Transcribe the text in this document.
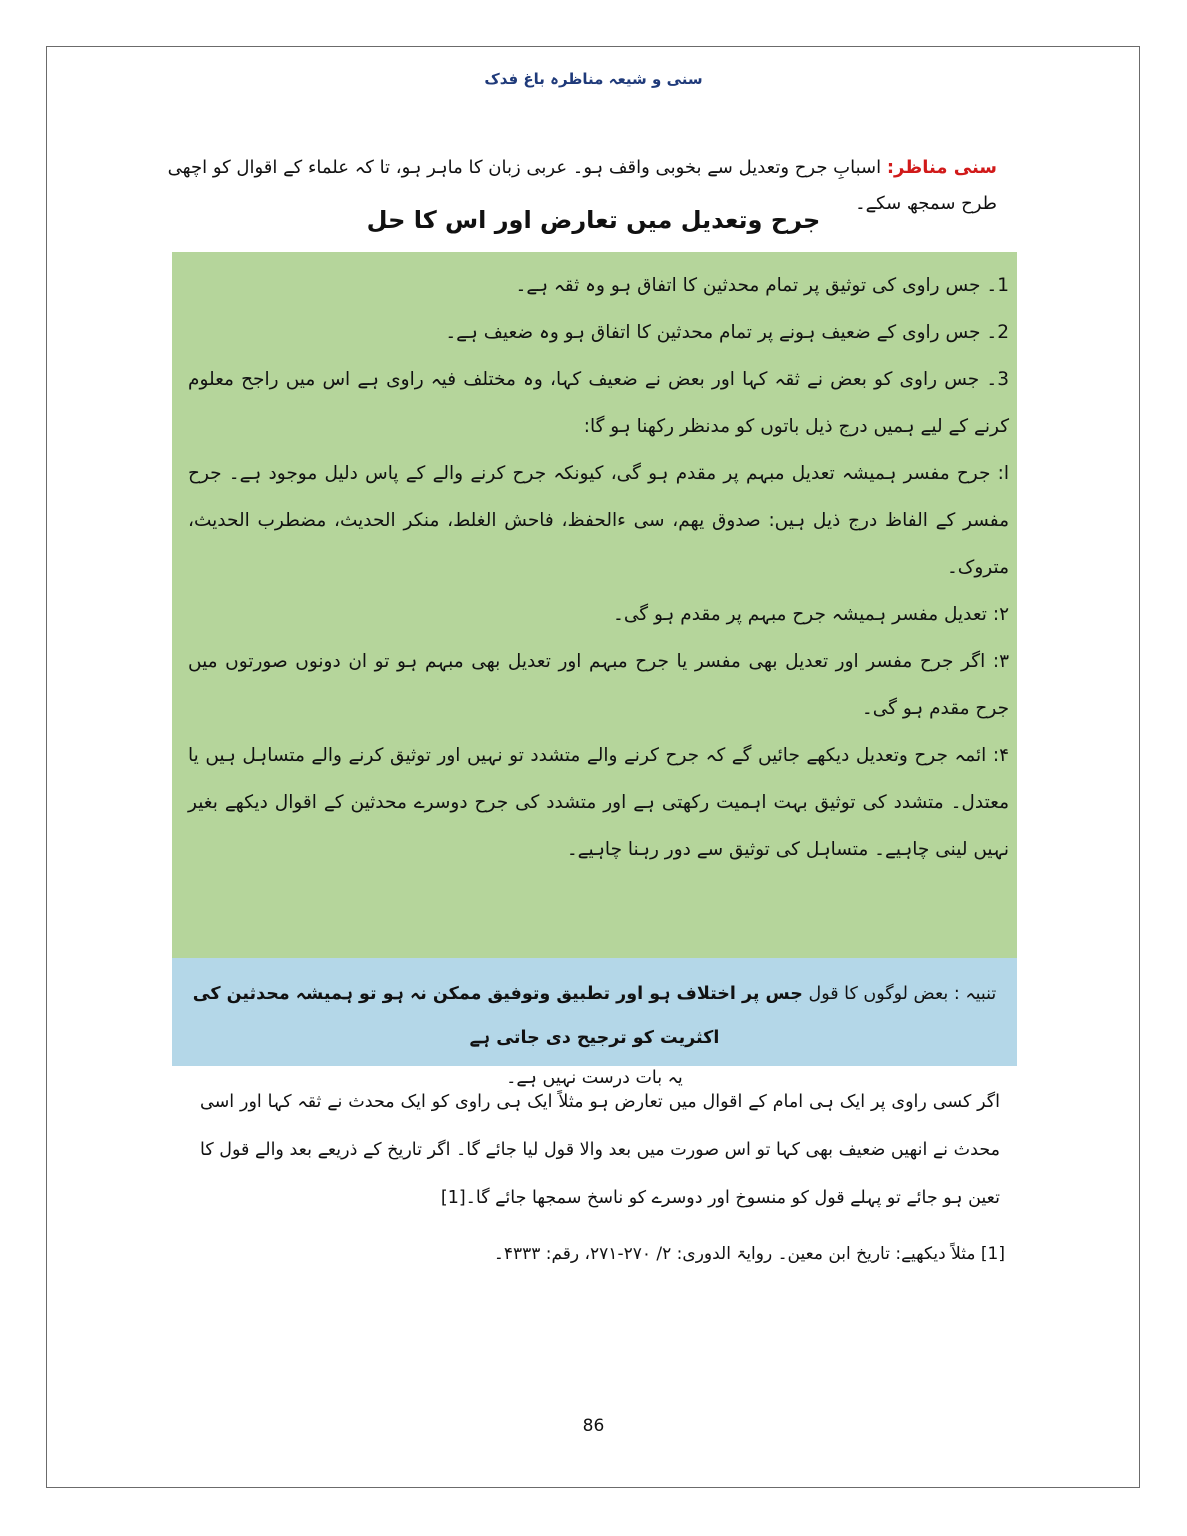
سنی و شیعہ مناظرہ باغ فدک
سنی مناظر: اسبابِ جرح وتعدیل سے بخوبی واقف ہو۔ عربی زبان کا ماہر ہو، تا کہ علماء کے اقوال کو اچھی طرح سمجھ سکے۔
جرح وتعدیل میں تعارض اور اس کا حل

1۔ جس راوی کی توثیق پر تمام محدثین کا اتفاق ہو وہ ثقہ ہے۔

2۔ جس راوی کے ضعیف ہونے پر تمام محدثین کا اتفاق ہو وہ ضعیف ہے۔

3۔ جس راوی کو بعض نے ثقہ کہا اور بعض نے ضعیف کہا، وہ مختلف فیہ راوی ہے اس میں راجح معلوم کرنے کے لیے ہمیں درج ذیل باتوں کو مدنظر رکھنا ہو گا:

ا: جرح مفسر ہمیشہ تعدیل مبہم پر مقدم ہو گی، کیونکہ جرح کرنے والے کے پاس دلیل موجود ہے۔ جرح مفسر کے الفاظ درج ذیل ہیں: صدوق یھم، سی ءالحفظ، فاحش الغلط، منکر الحدیث، مضطرب الحدیث، متروک۔

۲: تعدیل مفسر ہمیشہ جرح مبہم پر مقدم ہو گی۔

۳: اگر جرح مفسر اور تعدیل بھی مفسر یا جرح مبہم اور تعدیل بھی مبہم ہو تو ان دونوں صورتوں میں جرح مقدم ہو گی۔

۴: ائمہ جرح وتعدیل دیکھے جائیں گے کہ جرح کرنے والے متشدد تو نہیں اور توثیق کرنے والے متساہل ہیں یا معتدل۔ متشدد کی توثیق بہت اہمیت رکھتی ہے اور متشدد کی جرح دوسرے محدثین کے اقوال دیکھے بغیر نہیں لینی چاہیے۔ متساہل کی توثیق سے دور رہنا چاہیے۔

تنبیہ : بعض لوگوں کا قول جس پر اختلاف ہو اور تطبیق وتوفیق ممکن نہ ہو تو ہمیشہ محدثین کی اکثریت کو ترجیح دی جاتی ہے

یہ بات درست نہیں ہے۔

اگر کسی راوی پر ایک ہی امام کے اقوال میں تعارض ہو مثلاً ایک ہی راوی کو ایک محدث نے ثقہ کہا اور اسی محدث نے انھیں ضعیف بھی کہا تو اس صورت میں بعد والا قول لیا جائے گا۔ اگر تاریخ کے ذریعے بعد والے قول کا تعین ہو جائے تو پہلے قول کو منسوخ اور دوسرے کو ناسخ سمجھا جائے گا۔[1]

[1] مثلاً دیکھیے: تاریخ ابن معین۔ روایۃ الدوری: ۲/ ۲۷۰-۲۷۱، رقم: ۴۳۳۳۔
86
